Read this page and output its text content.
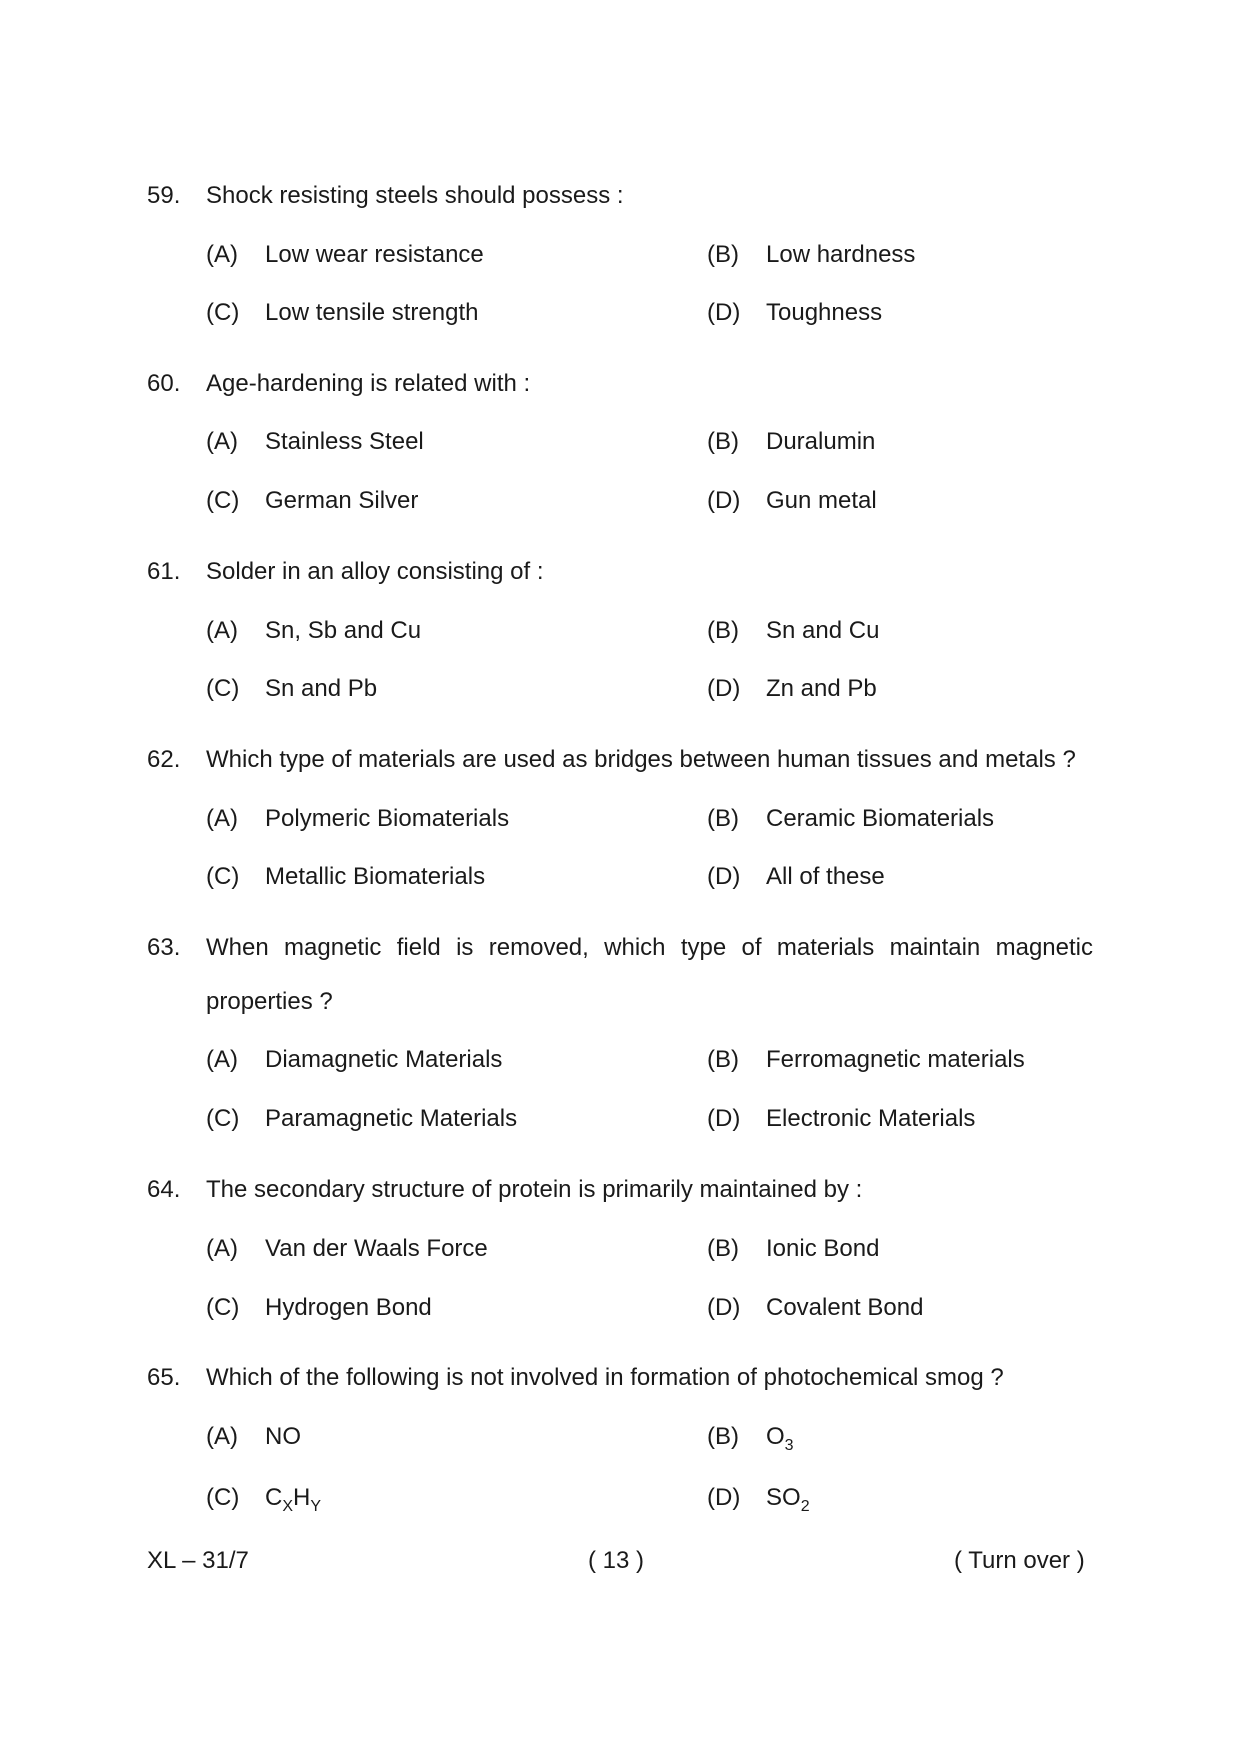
59. Shock resisting steels should possess :
(A) Low wear resistance	(B) Low hardness
(C) Low tensile strength	(D) Toughness
60. Age-hardening is related with :
(A) Stainless Steel	(B) Duralumin
(C) German Silver	(D) Gun metal
61. Solder in an alloy consisting of :
(A) Sn, Sb and Cu	(B) Sn and Cu
(C) Sn and Pb	(D) Zn and Pb
62. Which type of materials are used as bridges between human tissues and metals ?
(A) Polymeric Biomaterials	(B) Ceramic Biomaterials
(C) Metallic Biomaterials	(D) All of these
63. When magnetic field is removed, which type of materials maintain magnetic
properties ?
(A) Diamagnetic Materials	(B) Ferromagnetic materials
(C) Paramagnetic Materials	(D) Electronic Materials
64. The secondary structure of protein is primarily maintained by :
(A) Van der Waals Force	(B) Ionic Bond
(C) Hydrogen Bond	(D) Covalent Bond
65. Which of the following is not involved in formation of photochemical smog ?
(A) NO	(B) $O_3$
(C) $C_XH_Y$	(D) $SO_2$
XL – 31/7	( 13 )	( Turn over )
